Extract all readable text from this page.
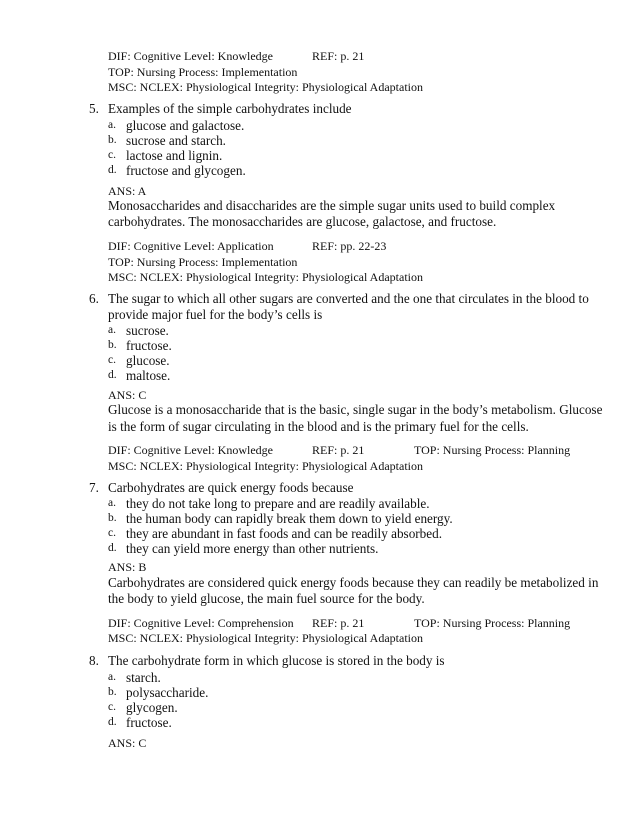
DIF: Cognitive Level: Knowledge	REF: p. 21
TOP: Nursing Process: Implementation
MSC: NCLEX: Physiological Integrity: Physiological Adaptation
5. Examples of the simple carbohydrates include
a. glucose and galactose.
b. sucrose and starch.
c. lactose and lignin.
d. fructose and glycogen.
ANS: A
Monosaccharides and disaccharides are the simple sugar units used to build complex
carbohydrates. The monosaccharides are glucose, galactose, and fructose.
DIF: Cognitive Level: Application	REF: pp. 22-23
TOP: Nursing Process: Implementation
MSC: NCLEX: Physiological Integrity: Physiological Adaptation
6. The sugar to which all other sugars are converted and the one that circulates in the blood to
provide major fuel for the body’s cells is
a. sucrose.
b. fructose.
c. glucose.
d. maltose.
ANS: C
Glucose is a monosaccharide that is the basic, single sugar in the body’s metabolism. Glucose
is the form of sugar circulating in the blood and is the primary fuel for the cells.
DIF: Cognitive Level: Knowledge	REF: p. 21	TOP: Nursing Process: Planning
MSC: NCLEX: Physiological Integrity: Physiological Adaptation
7. Carbohydrates are quick energy foods because
a. they do not take long to prepare and are readily available.
b. the human body can rapidly break them down to yield energy.
c. they are abundant in fast foods and can be readily absorbed.
d. they can yield more energy than other nutrients.
ANS: B
Carbohydrates are considered quick energy foods because they can readily be metabolized in
the body to yield glucose, the main fuel source for the body.
DIF: Cognitive Level: Comprehension REF: p. 21	TOP: Nursing Process: Planning
MSC: NCLEX: Physiological Integrity: Physiological Adaptation
8. The carbohydrate form in which glucose is stored in the body is
a. starch.
b. polysaccharide.
c. glycogen.
d. fructose.
ANS: C
